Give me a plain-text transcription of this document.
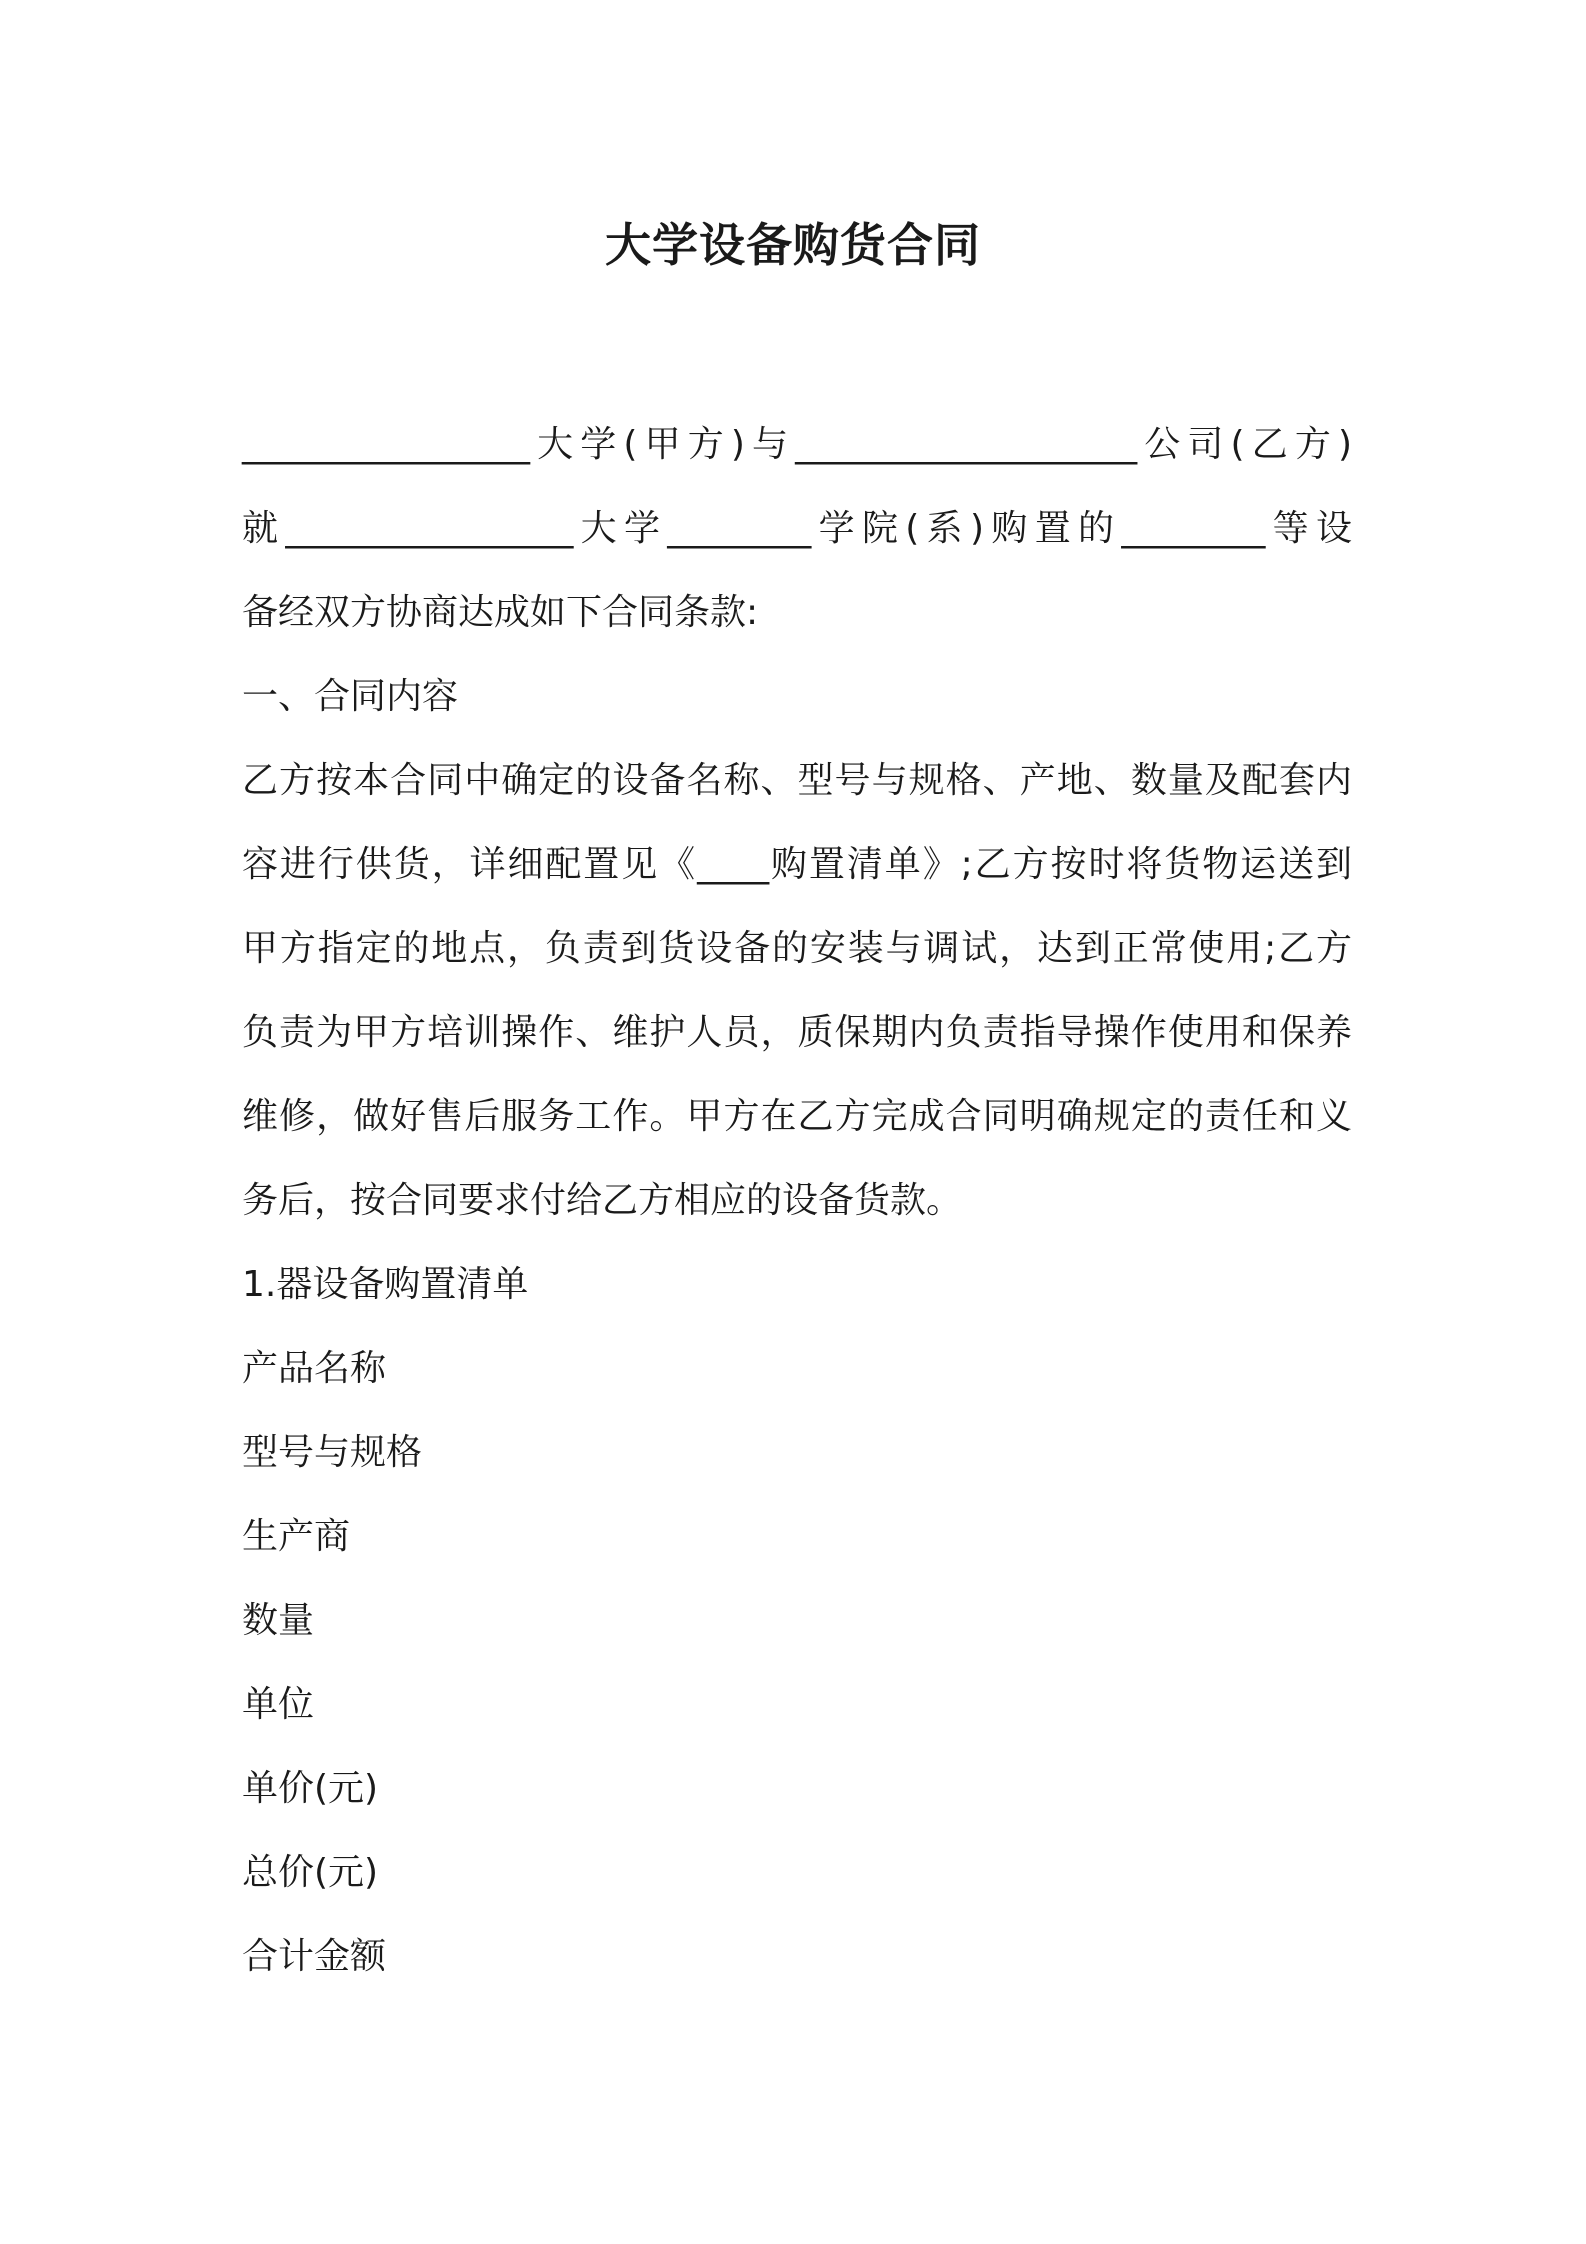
大学设备购货合同
________________大学(甲方)与___________________公司(乙方)
就________________大学________学院(系)购置的________等设
备经双方协商达成如下合同条款:
一、合同内容
乙方按本合同中确定的设备名称、型号与规格、产地、数量及配套内
容进行供货，详细配置见《____购置清单》;乙方按时将货物运送到
甲方指定的地点，负责到货设备的安装与调试，达到正常使用;乙方
负责为甲方培训操作、维护人员，质保期内负责指导操作使用和保养
维修，做好售后服务工作。甲方在乙方完成合同明确规定的责任和义
务后，按合同要求付给乙方相应的设备货款。
1.器设备购置清单
产品名称
型号与规格
生产商
数量
单位
单价(元)
总价(元)
合计金额
